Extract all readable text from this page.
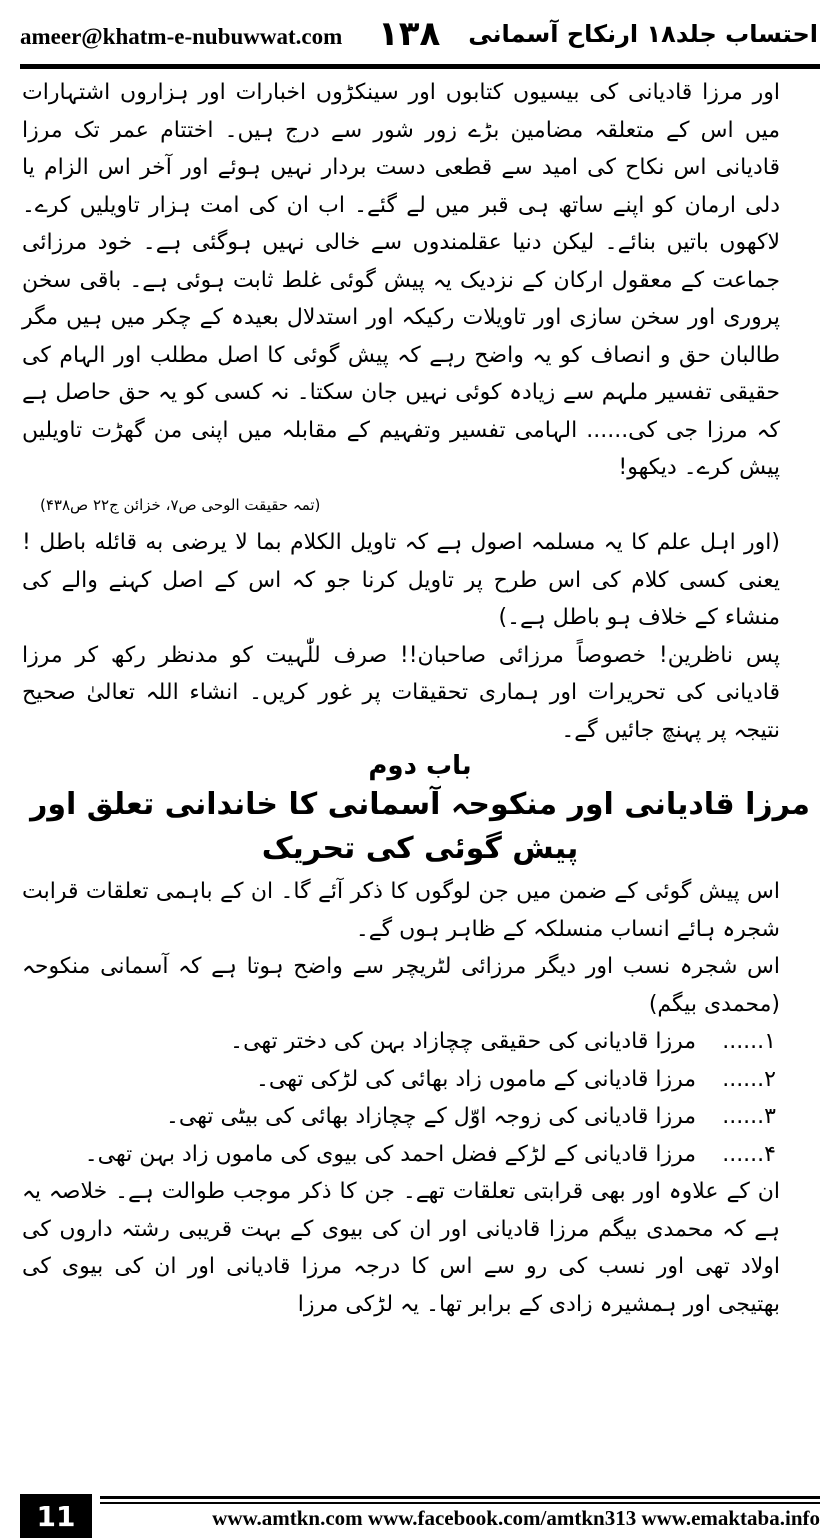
ameer@khatm-e-nubuwwat.com ۱۳۸ احتساب جلد۱۸ ارنکاح آسمانی

اور مرزا قادیانی کی بیسیوں کتابوں اور سینکڑوں اخبارات اور ہزاروں اشتہارات میں اس کے متعلقہ مضامین بڑے زور شور سے درج ہیں۔ اختتام عمر تک مرزا قادیانی اس نکاح کی امید سے قطعی دست بردار نہیں ہوئے اور آخر اس الزام یا دلی ارمان کو اپنے ساتھ ہی قبر میں لے گئے۔ اب ان کی امت ہزار تاویلیں کرے۔ لاکھوں باتیں بنائے۔ لیکن دنیا عقلمندوں سے خالی نہیں ہوگئی ہے۔ خود مرزائی جماعت کے معقول ارکان کے نزدیک یہ پیش گوئی غلط ثابت ہوئی ہے۔ باقی سخن پروری اور سخن سازی اور تاویلات رکیکہ اور استدلال بعیدہ کے چکر میں ہیں مگر طالبان حق و انصاف کو یہ واضح رہے کہ پیش گوئی کا اصل مطلب اور الہام کی حقیقی تفسیر ملہم سے زیادہ کوئی نہیں جان سکتا۔ نہ کسی کو یہ حق حاصل ہے کہ مرزا جی کی...... الہامی تفسیر وتفہیم کے مقابلہ میں اپنی من گھڑت تاویلیں پیش کرے۔ دیکھو!

(تمہ حقیقت الوحی ص۷، خزائن ج۲۲ ص۴۳۸)

(اور اہل علم کا یہ مسلمہ اصول ہے کہ تاویل الکلام بما لا یرضی به قائله باطل !یعنی کسی کلام کی اس طرح پر تاویل کرنا جو کہ اس کے اصل کہنے والے کی منشاء کے خلاف ہو باطل ہے۔)

پس ناظرین! خصوصاً مرزائی صاحبان!! صرف للّٰہیت کو مدنظر رکھ کر مرزا قادیانی کی تحریرات اور ہماری تحقیقات پر غور کریں۔ انشاء اللہ تعالیٰ صحیح نتیجہ پر پہنچ جائیں گے۔

باب دوم
مرزا قادیانی اور منکوحہ آسمانی کا خاندانی تعلق اور پیش گوئی کی تحریک

اس پیش گوئی کے ضمن میں جن لوگوں کا ذکر آئے گا۔ ان کے باہمی تعلقات قرابت شجرہ ہائے انساب منسلکہ کے ظاہر ہوں گے۔

اس شجرہ نسب اور دیگر مرزائی لٹریچر سے واضح ہوتا ہے کہ آسمانی منکوحہ (محمدی بیگم)

۱......
مرزا قادیانی کی حقیقی چچازاد بہن کی دختر تھی۔
۲......
مرزا قادیانی کے ماموں زاد بھائی کی لڑکی تھی۔
۳......
مرزا قادیانی کی زوجہ اوّل کے چچازاد بھائی کی بیٹی تھی۔
۴......
مرزا قادیانی کے لڑکے فضل احمد کی بیوی کی ماموں زاد بہن تھی۔

ان کے علاوہ اور بھی قرابتی تعلقات تھے۔ جن کا ذکر موجب طوالت ہے۔ خلاصہ یہ ہے کہ محمدی بیگم مرزا قادیانی اور ان کی بیوی کے بہت قریبی رشتہ داروں کی اولاد تھی اور نسب کی رو سے اس کا درجہ مرزا قادیانی اور ان کی بیوی کی بھتیجی اور ہمشیرہ زادی کے برابر تھا۔ یہ لڑکی مرزا

11	www.amtkn.com www.facebook.com/amtkn313 www.emaktaba.info
